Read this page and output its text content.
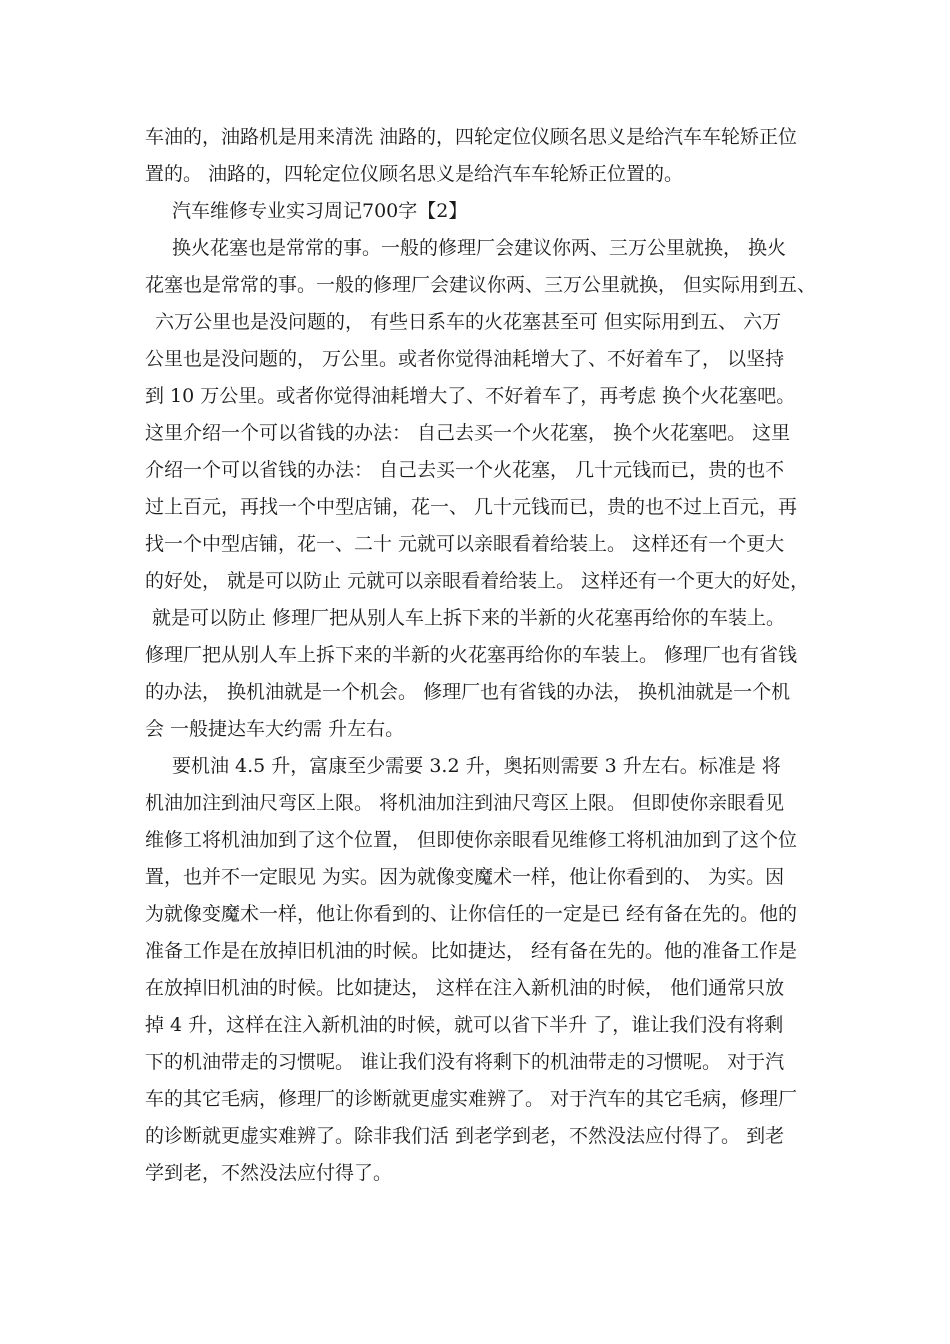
车油的，油路机是用来清洗 油路的，四轮定位仪顾名思义是给汽车车轮矫正位
置的。 油路的，四轮定位仪顾名思义是给汽车车轮矫正位置的。
汽车维修专业实习周记700字【2】
换火花塞也是常常的事。一般的修理厂会建议你两、三万公里就换， 换火
花塞也是常常的事。一般的修理厂会建议你两、三万公里就换， 但实际用到五、
六万公里也是没问题的， 有些日系车的火花塞甚至可 但实际用到五、 六万
公里也是没问题的， 万公里。或者你觉得油耗增大了、不好着车了， 以坚持
到 10 万公里。或者你觉得油耗增大了、不好着车了，再考虑 换个火花塞吧。
这里介绍一个可以省钱的办法： 自己去买一个火花塞， 换个火花塞吧。 这里
介绍一个可以省钱的办法： 自己去买一个火花塞， 几十元钱而已，贵的也不
过上百元，再找一个中型店铺，花一、 几十元钱而已，贵的也不过上百元，再
找一个中型店铺，花一、二十 元就可以亲眼看着给装上。 这样还有一个更大
的好处， 就是可以防止 元就可以亲眼看着给装上。 这样还有一个更大的好处，
就是可以防止 修理厂把从别人车上拆下来的半新的火花塞再给你的车装上。
修理厂把从别人车上拆下来的半新的火花塞再给你的车装上。 修理厂也有省钱
的办法， 换机油就是一个机会。 修理厂也有省钱的办法， 换机油就是一个机
会 一般捷达车大约需 升左右。
要机油 4.5 升，富康至少需要 3.2 升，奥拓则需要 3 升左右。标准是 将
机油加注到油尺弯区上限。 将机油加注到油尺弯区上限。 但即使你亲眼看见
维修工将机油加到了这个位置， 但即使你亲眼看见维修工将机油加到了这个位
置，也并不一定眼见 为实。因为就像变魔术一样，他让你看到的、 为实。因
为就像变魔术一样，他让你看到的、让你信任的一定是已 经有备在先的。他的
准备工作是在放掉旧机油的时候。比如捷达， 经有备在先的。他的准备工作是
在放掉旧机油的时候。比如捷达， 这样在注入新机油的时候， 他们通常只放
掉 4 升，这样在注入新机油的时候，就可以省下半升 了，谁让我们没有将剩
下的机油带走的习惯呢。 谁让我们没有将剩下的机油带走的习惯呢。 对于汽
车的其它毛病，修理厂的诊断就更虚实难辨了。 对于汽车的其它毛病，修理厂
的诊断就更虚实难辨了。除非我们活 到老学到老，不然没法应付得了。 到老
学到老，不然没法应付得了。
